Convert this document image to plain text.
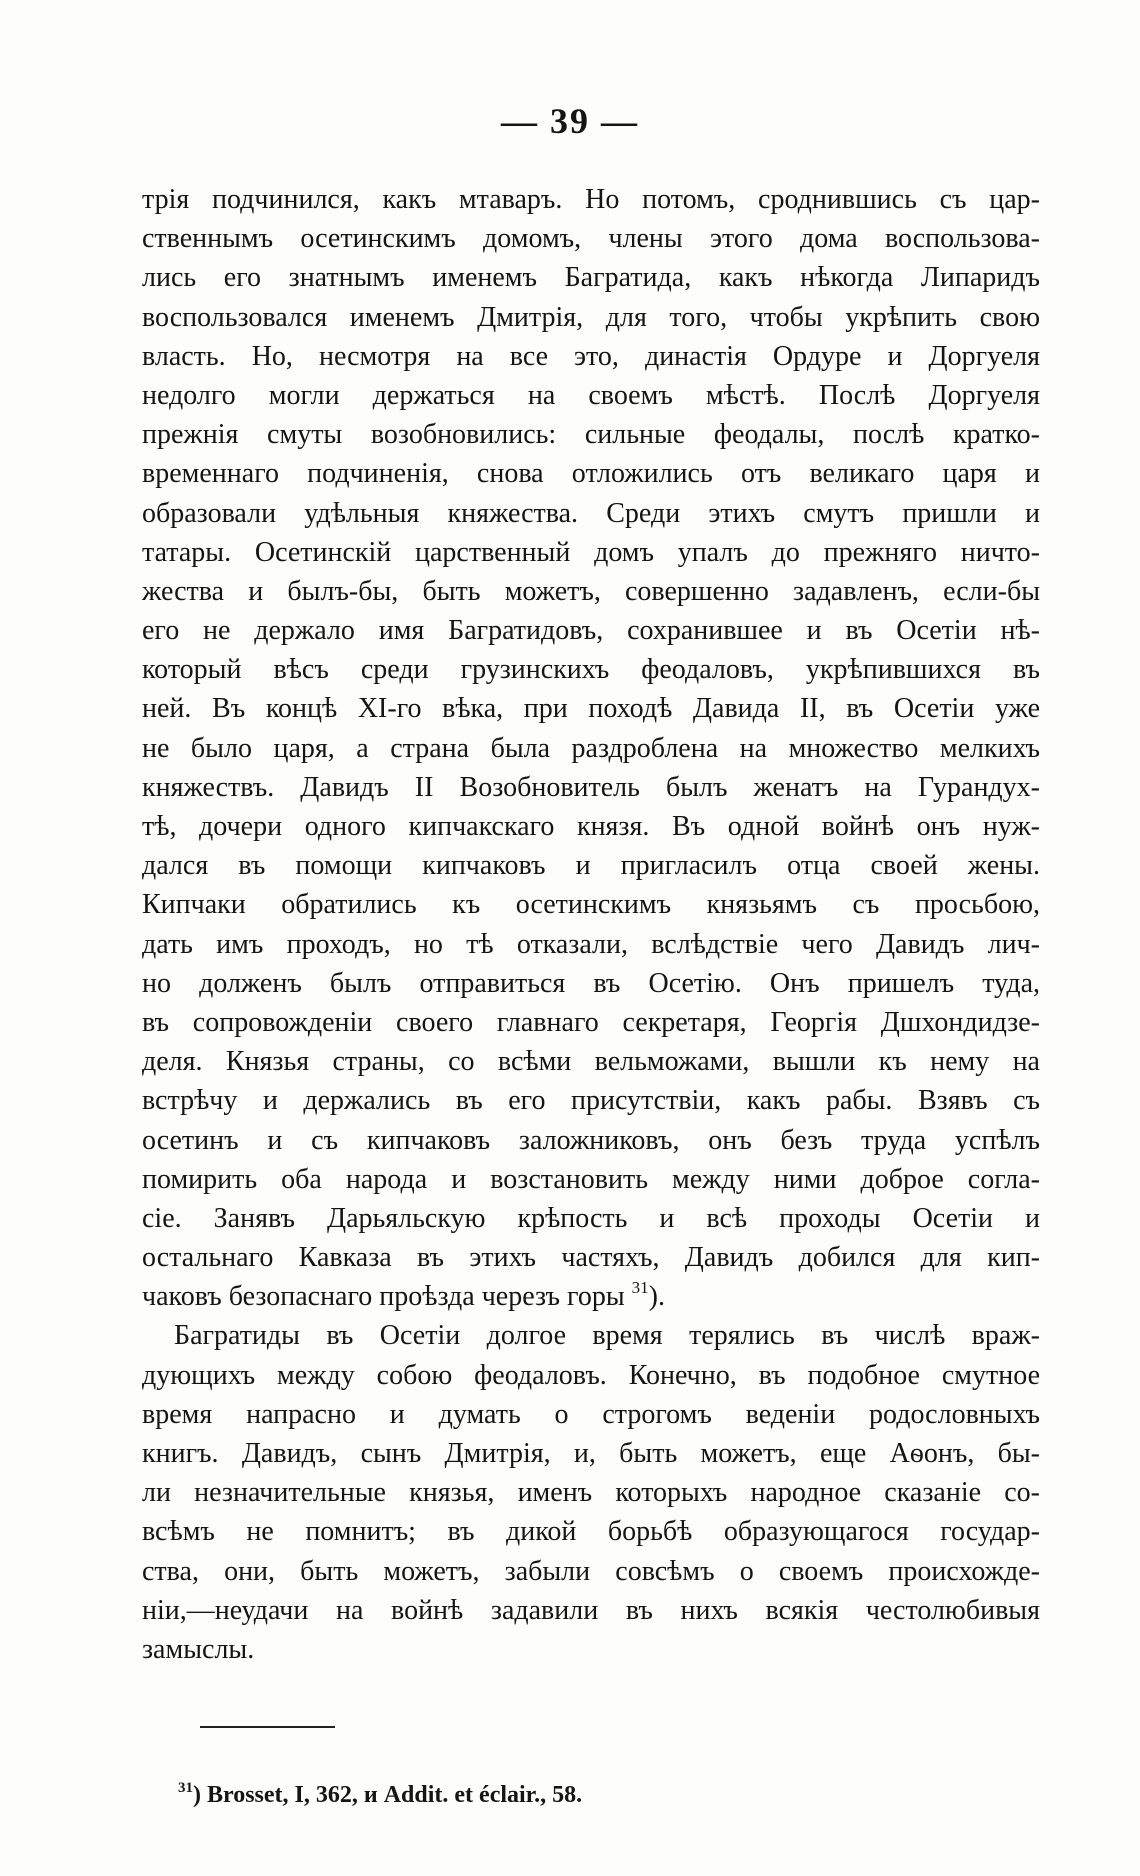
— 39 —
трія подчинился, какъ мтаваръ. Но потомъ, сроднившись съ цар-
ственнымъ осетинскимъ домомъ, члены этого дома воспользова-
лись его знатнымъ именемъ Багратида, какъ нѣкогда Липаридъ
воспользовался именемъ Дмитрія, для того, чтобы укрѣпить свою
власть. Но, несмотря на все это, династія Ордуре и Доргуеля
недолго могли держаться на своемъ мѣстѣ. Послѣ Доргуеля
прежнія смуты возобновились: сильные феодалы, послѣ кратко-
временнаго подчиненія, снова отложились отъ великаго царя и
образовали удѣльныя княжества. Среди этихъ смутъ пришли и
татары. Осетинскій царственный домъ упалъ до прежняго ничто-
жества и былъ-бы, быть можетъ, совершенно задавленъ, если-бы
его не держало имя Багратидовъ, сохранившее и въ Осетіи нѣ-
который вѣсъ среди грузинскихъ феодаловъ, укрѣпившихся въ
ней. Въ концѣ XI-го вѣка, при походѣ Давида II, въ Осетіи уже
не было царя, а страна была раздроблена на множество мелкихъ
княжествъ. Давидъ II Возобновитель былъ женатъ на Гурандух-
тѣ, дочери одного кипчакскаго князя. Въ одной войнѣ онъ нуж-
дался въ помощи кипчаковъ и пригласилъ отца своей жены.
Кипчаки обратились къ осетинскимъ князьямъ съ просьбою,
дать имъ проходъ, но тѣ отказали, вслѣдствіе чего Давидъ лич-
но долженъ былъ отправиться въ Осетію. Онъ пришелъ туда,
въ сопровожденіи своего главнаго секретаря, Георгія Дшхондидзе-
деля. Князья страны, со всѣми вельможами, вышли къ нему на
встрѣчу и держались въ его присутствіи, какъ рабы. Взявъ съ
осетинъ и съ кипчаковъ заложниковъ, онъ безъ труда успѣлъ
помирить оба народа и возстановить между ними доброе согла-
сіе. Занявъ Дарьяльскую крѣпость и всѣ проходы Осетіи и
остальнаго Кавказа въ этихъ частяхъ, Давидъ добился для кип-
чаковъ безопаснаго проѣзда черезъ горы $^{31}$).
Багратиды въ Осетіи долгое время терялись въ числѣ враж-
дующихъ между собою феодаловъ. Конечно, въ подобное смутное
время напрасно и думать о строгомъ веденіи родословныхъ
книгъ. Давидъ, сынъ Дмитрія, и, быть можетъ, еще Аѳонъ, бы-
ли незначительные князья, именъ которыхъ народное сказаніе со-
всѣмъ не помнитъ; въ дикой борьбѣ образующагося государ-
ства, они, быть можетъ, забыли совсѣмъ о своемъ происхожде-
ніи,—неудачи на войнѣ задавили въ нихъ всякія честолюбивыя
замыслы.
$^{31}$) Brosset, I, 362, и Addit. et éclair., 58.
